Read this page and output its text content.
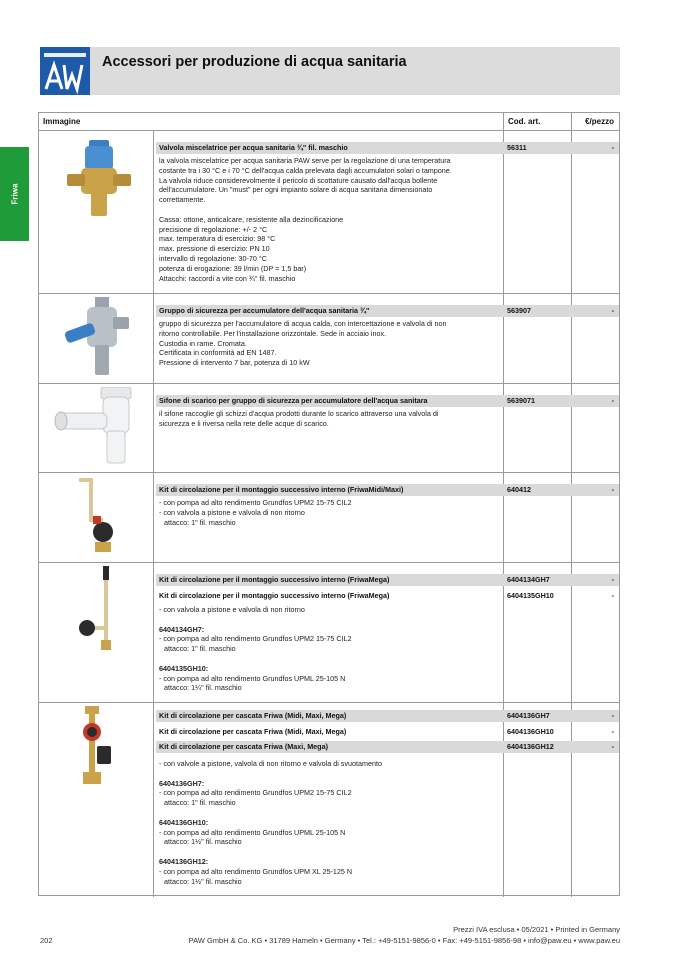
Accessori per produzione di acqua sanitaria
Friwa
Immagine	Cod. art.	€/pezzo
Valvola miscelatrice per acqua sanitaria ¾" fil. maschio	56311	-

la valvola miscelatrice per acqua sanitaria PAW serve per la regolazione di una temperatura

costante tra i 30 °C e i 70 °C dell'acqua calda prelevata dagli accumulatori solari o tampone.

La valvola riduce considerevolmente il pericolo di scottature causato dall'acqua bollente

dell'accumulatore. Un "must" per ogni impianto solare di acqua sanitaria dimensionato

correttamente.

Cassa: ottone, anticalcare, resistente alla dezincificazione

precisione di regolazione: +/- 2 °C

max. temperatura di esercizio: 98 °C

max. pressione di esercizio: PN 10

intervallo di regolazione: 30-70 °C

potenza di erogazione: 39 l/min (DP = 1,5 bar)

Attacchi: raccordi a vite con ¾" fil. maschio

Gruppo di sicurezza per accumulatore dell'acqua sanitaria ¾"	563907	-

gruppo di sicurezza per l'accumulatore di acqua calda, con intercettazione e valvola di non

ritorno controllabile. Per l'installazione orizzontale. Sede in acciaio inox.

Custodia in rame. Cromata.

Certificata in conformità ad EN 1487.

Pressione di intervento 7 bar, potenza di 10 kW

Sifone di scarico per gruppo di sicurezza per accumulatore dell'acqua sanitara	5639071	-

il sifone raccoglie gli schizzi d'acqua prodotti durante lo scarico attraverso una valvola di

sicurezza e li riversa nella rete delle acque di scarico.

Kit di circolazione per il montaggio successivo interno (FriwaMidi/Maxi)	640412	-

- con pompa ad alto rendimento Grundfos UPM2 15-75 CIL2

- con valvola a pistone e valvola di non ritorno

attacco: 1" fil. maschio

Kit di circolazione per il montaggio successivo interno (FriwaMega)	6404134GH7	-
Kit di circolazione per il montaggio successivo interno (FriwaMega)	6404135GH10	-

- con valvola a pistone e valvola di non ritorno

6404134GH7:

- con pompa ad alto rendimento Grundfos UPM2 15-75 CIL2

attacco: 1" fil. maschio

6404135GH10:

- con pompa ad alto rendimento Grundfos UPML 25-105 N

attacco: 1¼" fil. maschio

Kit di circolazione per cascata Friwa (Midi, Maxi, Mega)	6404136GH7	-
Kit di circolazione per cascata Friwa (Midi, Maxi, Mega)	6404136GH10	-
Kit di circolazione per cascata Friwa (Maxi, Mega)	6404136GH12	-

- con valvole a pistone, valvola di non ritorno e valvola di svuotamento

6404136GH7:

- con pompa ad alto rendimento Grundfos UPM2 15-75 CIL2

attacco: 1" fil. maschio

6404136GH10:

- con pompa ad alto rendimento Grundfos UPML 25-105 N

attacco: 1½" fil. maschio

6404136GH12:

- con pompa ad alto rendimento Grundfos UPM XL 25-125 N

attacco: 1½" fil. maschio

Prezzi IVA esclusa • 05/2021 • Printed in Germany
202	PAW GmbH & Co. KG • 31789 Hameln • Germany • Tel.: +49-5151-9856-0 • Fax: +49-5151-9856-98 • info@paw.eu • www.paw.eu
